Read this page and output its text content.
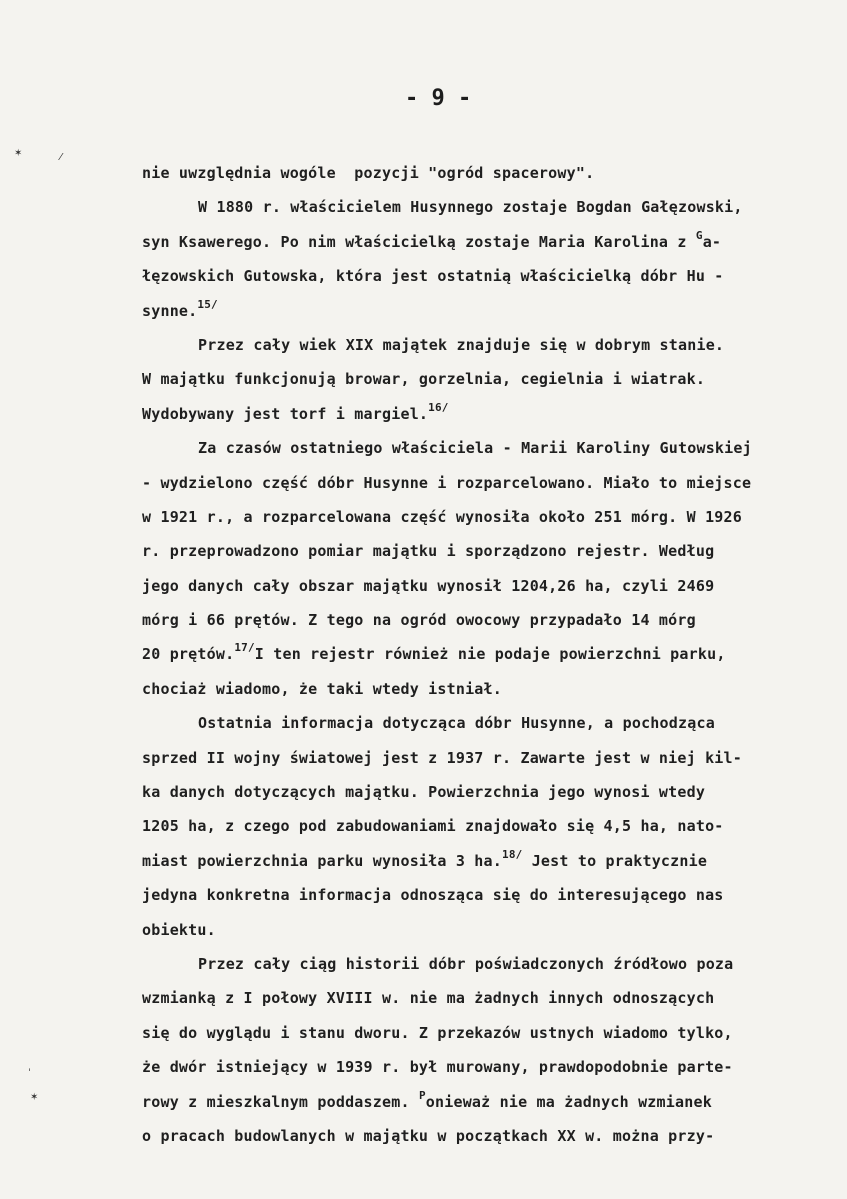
✶	⁄
ˈ
✶
- 9 -
nie uwzględnia wogóle  pozycji "ogród spacerowy".
W 1880 r. właścicielem Husynnego zostaje Bogdan Gałęzowski,
syn Ksawerego. Po nim właścicielką zostaje Maria Karolina z $^G$a-
łęzowskich Gutowska, która jest ostatnią właścicielką dóbr Hu -
synne.$^{15/}$
Przez cały wiek XIX majątek znajduje się w dobrym stanie.
W majątku funkcjonują browar, gorzelnia, cegielnia i wiatrak.
Wydobywany jest torf i margiel.$^{16/}$
Za czasów ostatniego właściciela - Marii Karoliny Gutowskiej
- wydzielono część dóbr Husynne i rozparcelowano. Miało to miejsce
w 1921 r., a rozparcelowana część wynosiła około 251 mórg. W 1926
r. przeprowadzono pomiar majątku i sporządzono rejestr. Według
jego danych cały obszar majątku wynosił 1204,26 ha, czyli 2469
mórg i 66 prętów. Z tego na ogród owocowy przypadało 14 mórg
20 prętów.$^{17/}$I ten rejestr również nie podaje powierzchni parku,
chociaż wiadomo, że taki wtedy istniał.
Ostatnia informacja dotycząca dóbr Husynne, a pochodząca
sprzed II wojny światowej jest z 1937 r. Zawarte jest w niej kil-
ka danych dotyczących majątku. Powierzchnia jego wynosi wtedy
1205 ha, z czego pod zabudowaniami znajdowało się 4,5 ha, nato-
miast powierzchnia parku wynosiła 3 ha.$^{18/}$ Jest to praktycznie
jedyna konkretna informacja odnosząca się do interesującego nas
obiektu.
Przez cały ciąg historii dóbr poświadczonych źródłowo poza
wzmianką z I połowy XVIII w. nie ma żadnych innych odnoszących
się do wyglądu i stanu dworu. Z przekazów ustnych wiadomo tylko,
że dwór istniejący w 1939 r. był murowany, prawdopodobnie parte-
rowy z mieszkalnym poddaszem. $^P$onieważ nie ma żadnych wzmianek
o pracach budowlanych w majątku w początkach XX w. można przy-
